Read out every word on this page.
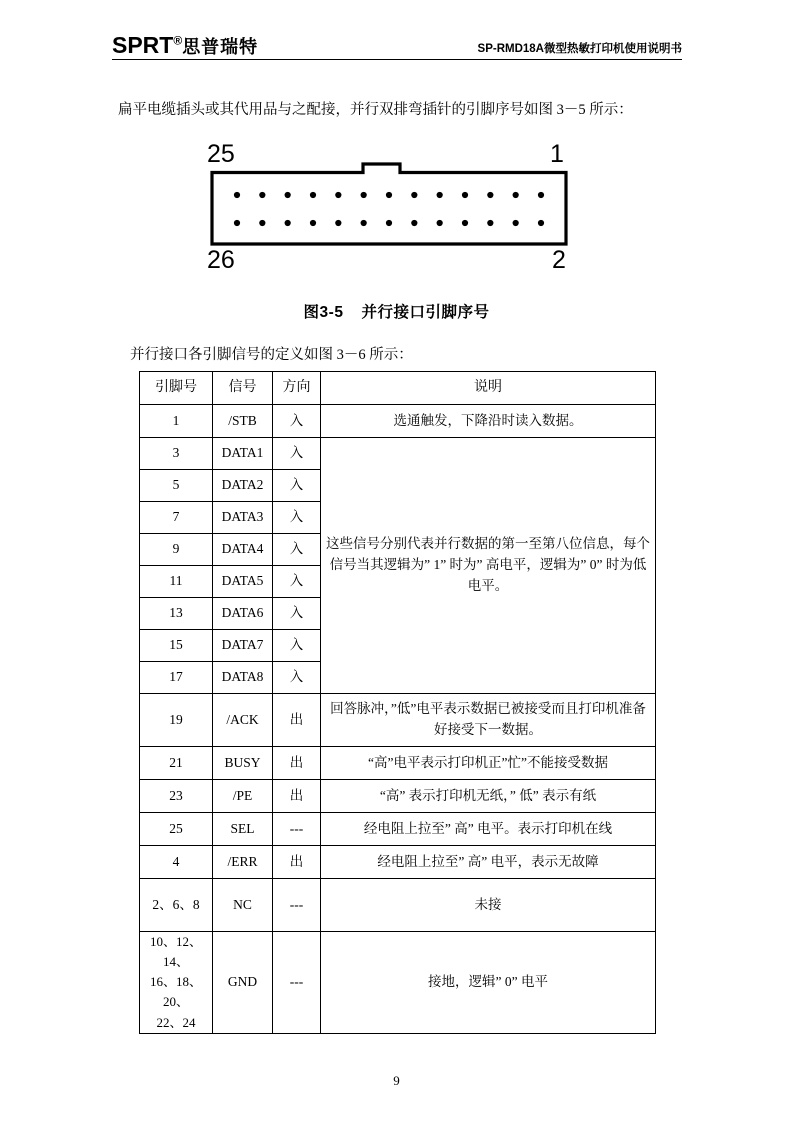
SPRT®思普瑞特	SP-RMD18A微型热敏打印机使用说明书
扁平电缆插头或其代用品与之配接，并行双排弯插针的引脚序号如图 3－5 所示：
25	1
26	2
图3-5 并行接口引脚序号
并行接口各引脚信号的定义如图 3－6 所示：
引脚号	信号	方向	说明
1	/STB	入	选通触发，下降沿时读入数据。
3	DATA1	入	这些信号分别代表并行数据的第一至第八位信息，每个信号当其逻辑为” 1” 时为” 高电平，逻辑为” 0” 时为低电平。
5	DATA2	入	
7	DATA3	入	
9	DATA4	入	
11	DATA5	入	
13	DATA6	入	
15	DATA7	入	
17	DATA8	入	
19	/ACK	出	回答脉冲，”低”电平表示数据已被接受而且打印机准备好接受下一数据。
21	BUSY	出	“高”电平表示打印机正”忙”不能接受数据
23	/PE	出	“高” 表示打印机无纸，” 低” 表示有纸
25	SEL	---	经电阻上拉至” 高” 电平。表示打印机在线
4	/ERR	出	经电阻上拉至” 高” 电平，表示无故障
2、6、8	NC	---	未接

10、12、14、
16、18、20、
22、24	GND	---	接地，逻辑” 0” 电平
9
